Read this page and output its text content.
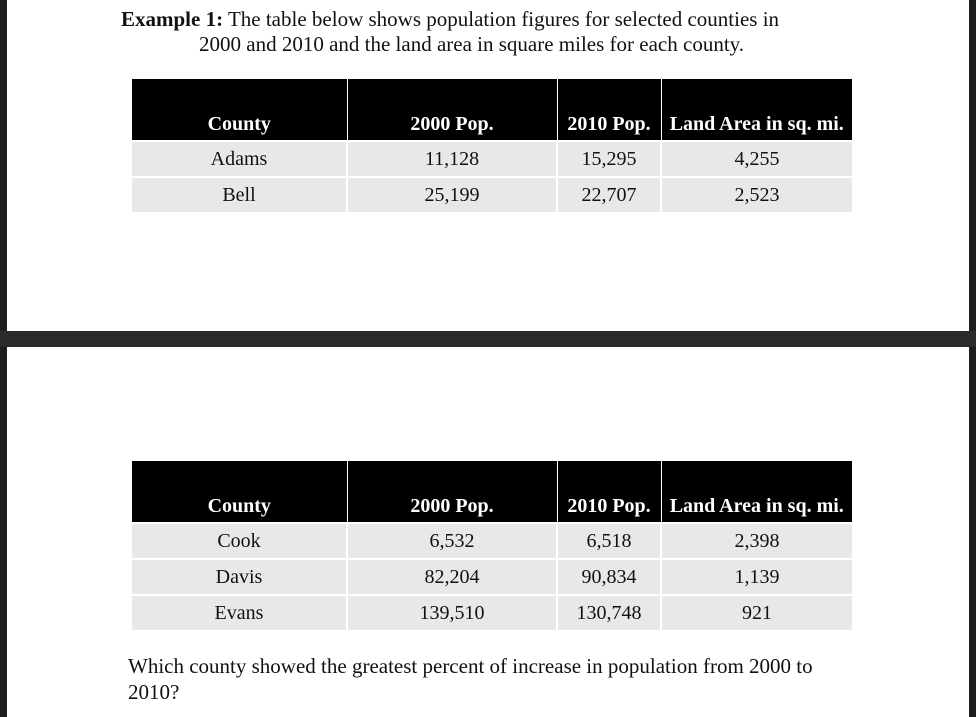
Example 1: The table below shows population figures for selected counties in
2000 and 2010 and the land area in square miles for each county.
County	2000 Pop.	2010 Pop.	Land Area in sq. mi.
Adams	11,128	15,295	4,255
Bell	25,199	22,707	2,523
County	2000 Pop.	2010 Pop.	Land Area in sq. mi.
Cook	6,532	6,518	2,398
Davis	82,204	90,834	1,139
Evans	139,510	130,748	921
Which county showed the greatest percent of increase in population from 2000 to 2010?
